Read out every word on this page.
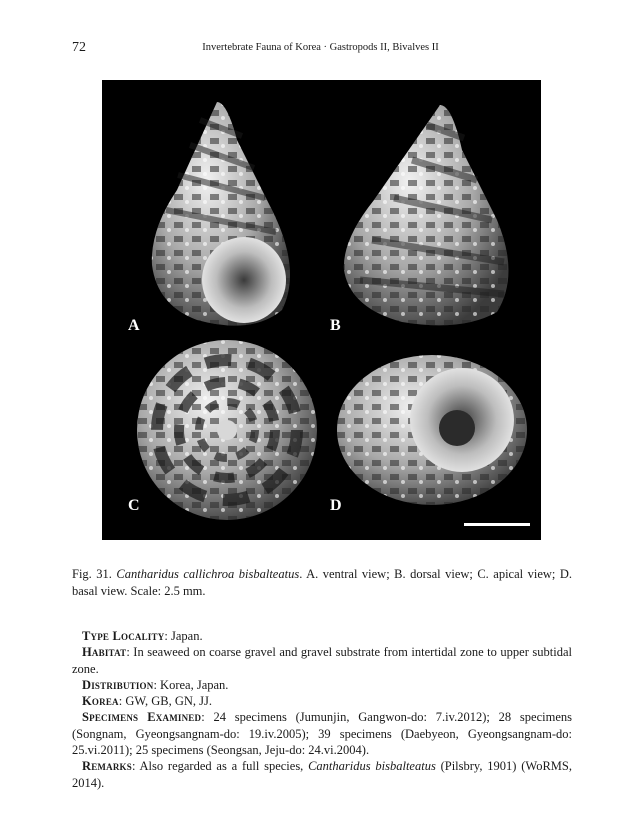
72	Invertebrate Fauna of Korea · Gastropods II, Bivalves II
A	B
C	D
Fig. 31. Cantharidus callichroa bisbalteatus. A. ventral view; B. dorsal view; C. apical view; D. basal view. Scale: 2.5 mm.

Type Locality: Japan.

Habitat: In seaweed on coarse gravel and gravel substrate from intertidal zone to upper subtidal zone.

Distribution: Korea, Japan.

Korea: GW, GB, GN, JJ.

Specimens Examined: 24 specimens (Jumunjin, Gangwon-do: 7.iv.2012); 28 specimens (Songnam, Gyeongsangnam-do: 19.iv.2005); 39 specimens (Daebyeon, Gyeongsangnam-do: 25.vi.2011); 25 specimens (Seongsan, Jeju-do: 24.vi.2004).

Remarks: Also regarded as a full species, Cantharidus bisbalteatus (Pilsbry, 1901) (WoRMS, 2014).
